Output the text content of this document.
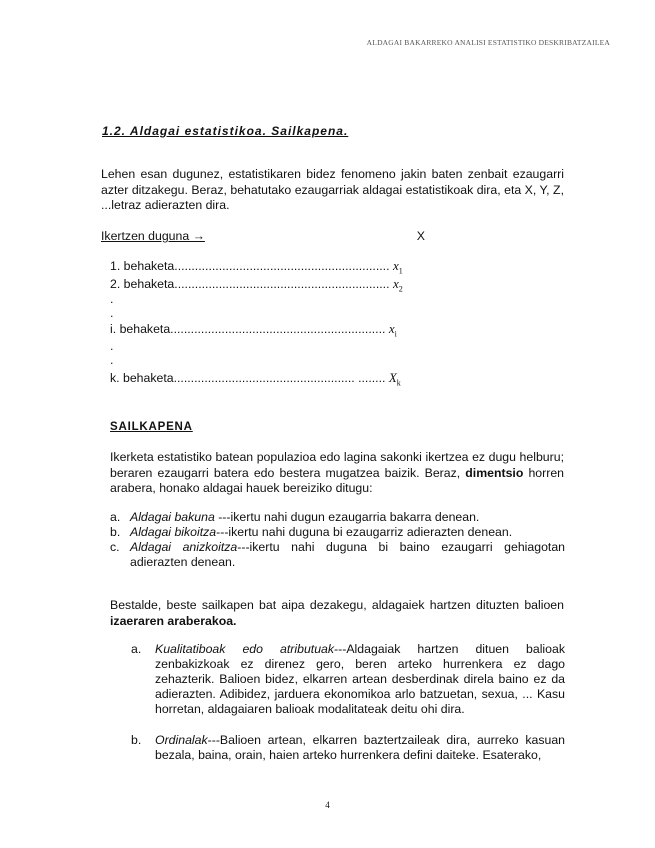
ALDAGAI BAKARREKO ANALISI ESTATISTIKO DESKRIBATZAILEA
1.2. Aldagai estatistikoa. Sailkapena.
Lehen esan dugunez, estatistikaren bidez fenomeno jakin baten zenbait ezaugarri azter ditzakegu. Beraz, behatutako ezaugarriak aldagai estatistikoak dira, eta X, Y, Z, ...letraz adierazten dira.
Ikertzen duguna →	X
1. behaketa............................................................... $x_1$
2. behaketa............................................................... $x_2$
.
.
i. behaketa............................................................... $x_i$
.
.
k. behaketa..................................................... ........ $X_k$
SAILKAPENA
Ikerketa estatistiko batean populazioa edo lagina sakonki ikertzea ez dugu helburu; beraren ezaugarri batera edo bestera mugatzea baizik. Beraz, dimentsio horren arabera, honako aldagai hauek bereiziko ditugu:
a. Aldagai bakuna ---ikertu nahi dugun ezaugarria bakarra denean.
b. Aldagai bikoitza---ikertu nahi duguna bi ezaugarriz adierazten denean.
c. Aldagai anizkoitza---ikertu nahi duguna bi baino ezaugarri gehiagotan adierazten denean.
Bestalde, beste sailkapen bat aipa dezakegu, aldagaiek hartzen dituzten balioen izaeraren araberakoa.
a. Kualitatiboak edo atributuak---Aldagaiak hartzen dituen balioak zenbakizkoak ez direnez gero, beren arteko hurrenkera ez dago zehazterik. Balioen bidez, elkarren artean desberdinak direla baino ez da adierazten. Adibidez, jarduera ekonomikoa arlo batzuetan, sexua, ... Kasu horretan, aldagaiaren balioak modalitateak deitu ohi dira.
b. Ordinalak---Balioen artean, elkarren baztertzaileak dira, aurreko kasuan bezala, baina, orain, haien arteko hurrenkera defini daiteke. Esaterako,
4
